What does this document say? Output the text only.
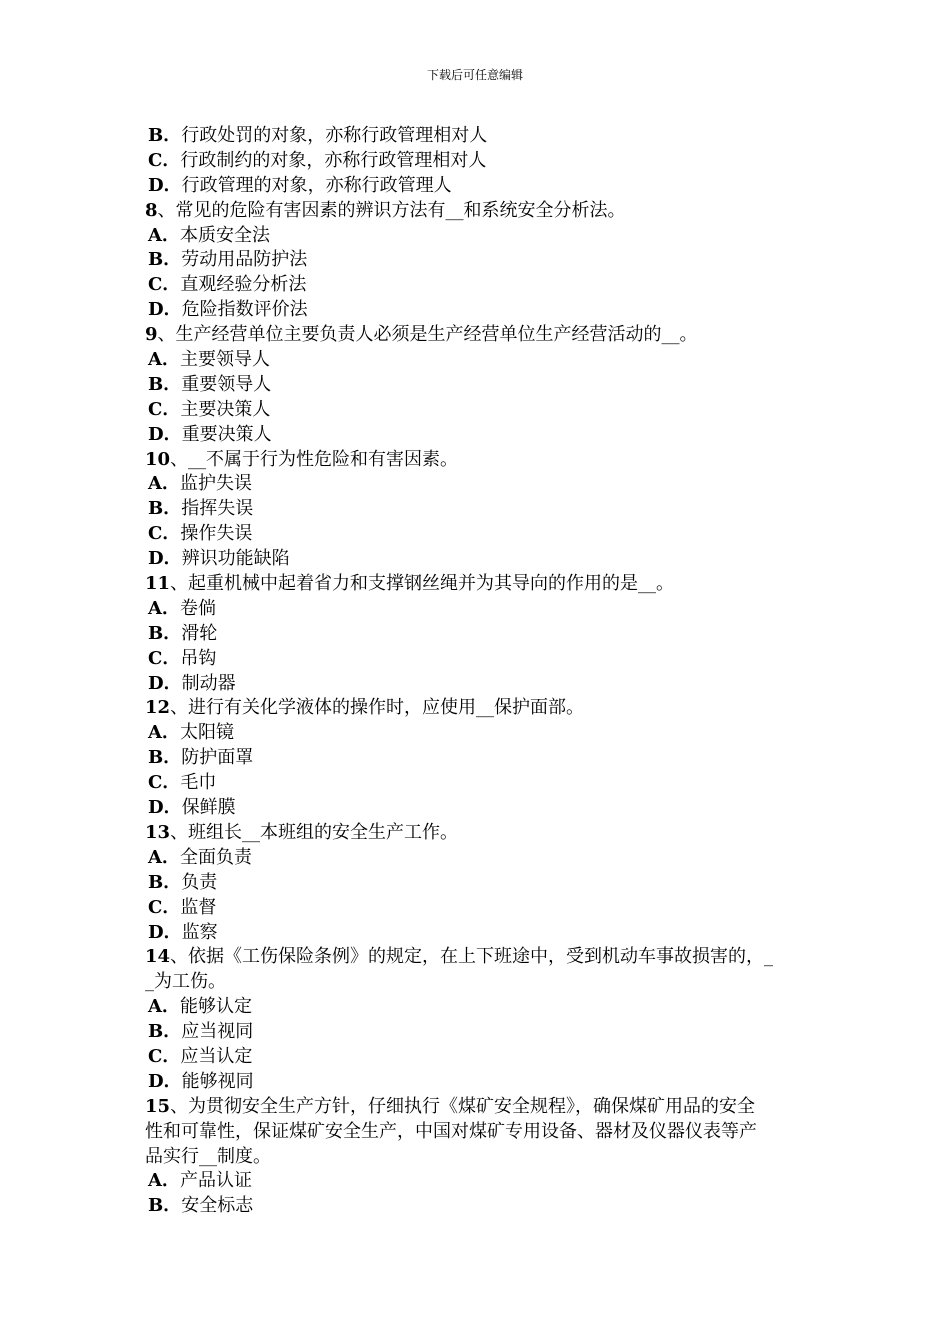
下载后可任意编辑
B．行政处罚的对象，亦称行政管理相对人
C．行政制约的对象，亦称行政管理相对人
D．行政管理的对象，亦称行政管理人
8、常见的危险有害因素的辨识方法有__和系统安全分析法。
A．本质安全法
B．劳动用品防护法
C．直观经验分析法
D．危险指数评价法
9、生产经营单位主要负责人必须是生产经营单位生产经营活动的__。
A．主要领导人
B．重要领导人
C．主要决策人
D．重要决策人
10、__不属于行为性危险和有害因素。
A．监护失误
B．指挥失误
C．操作失误
D．辨识功能缺陷
11、起重机械中起着省力和支撑钢丝绳并为其导向的作用的是__。
A．卷倘
B．滑轮
C．吊钩
D．制动器
12、进行有关化学液体的操作时，应使用__保护面部。
A．太阳镜
B．防护面罩
C．毛巾
D．保鲜膜
13、班组长__本班组的安全生产工作。
A．全面负责
B．负责
C．监督
D．监察
14、依据《工伤保险条例》的规定，在上下班途中，受到机动车事故损害的，_
_为工伤。
A．能够认定
B．应当视同
C．应当认定
D．能够视同
15、为贯彻安全生产方针，仔细执行《煤矿安全规程》，确保煤矿用品的安全
性和可靠性，保证煤矿安全生产，中国对煤矿专用设备、器材及仪器仪表等产
品实行__制度。
A．产品认证
B．安全标志
